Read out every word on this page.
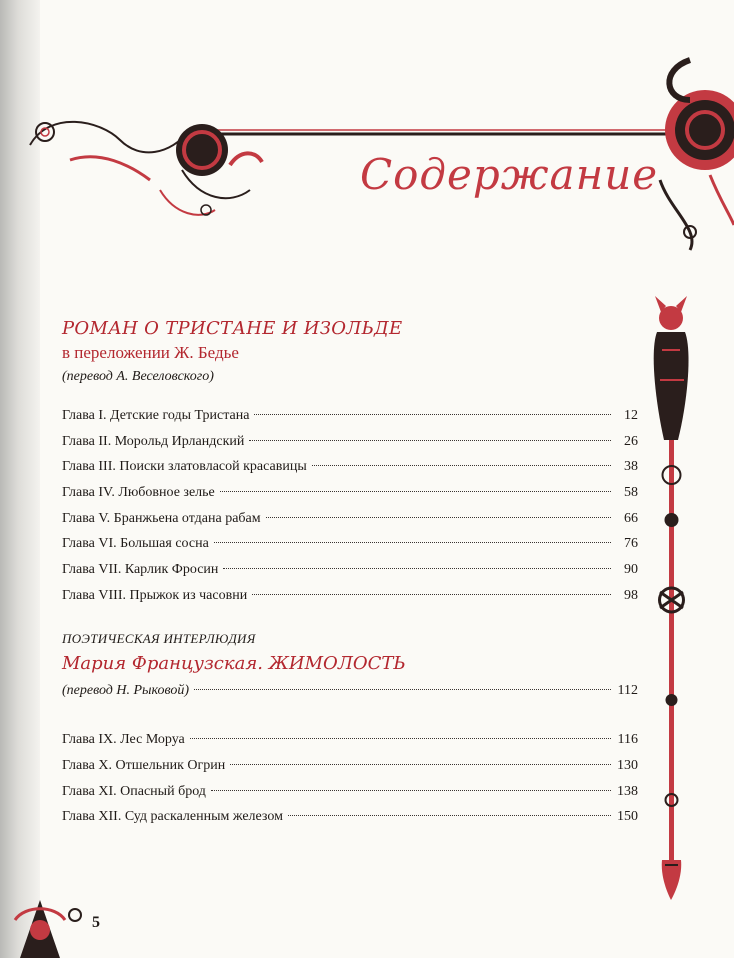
Содержание
РОМАН О ТРИСТАНЕ И ИЗОЛЬДЕ
в переложении Ж. Бедье
(перевод А. Веселовского)
Глава I. Детские годы Тристана	12
Глава II. Морольд Ирландский	26
Глава III. Поиски златовласой красавицы	38
Глава IV. Любовное зелье	58
Глава V. Бранжьена отдана рабам	66
Глава VI. Большая сосна	76
Глава VII. Карлик Фросин	90
Глава VIII. Прыжок из часовни	98
ПОЭТИЧЕСКАЯ ИНТЕРЛЮДИЯ
Мария Французская. ЖИМОЛОСТЬ
(перевод Н. Рыковой)	112
Глава IX. Лес Моруа	116
Глава X. Отшельник Огрин	130
Глава XI. Опасный брод	138
Глава XII. Суд раскаленным железом	150
5
